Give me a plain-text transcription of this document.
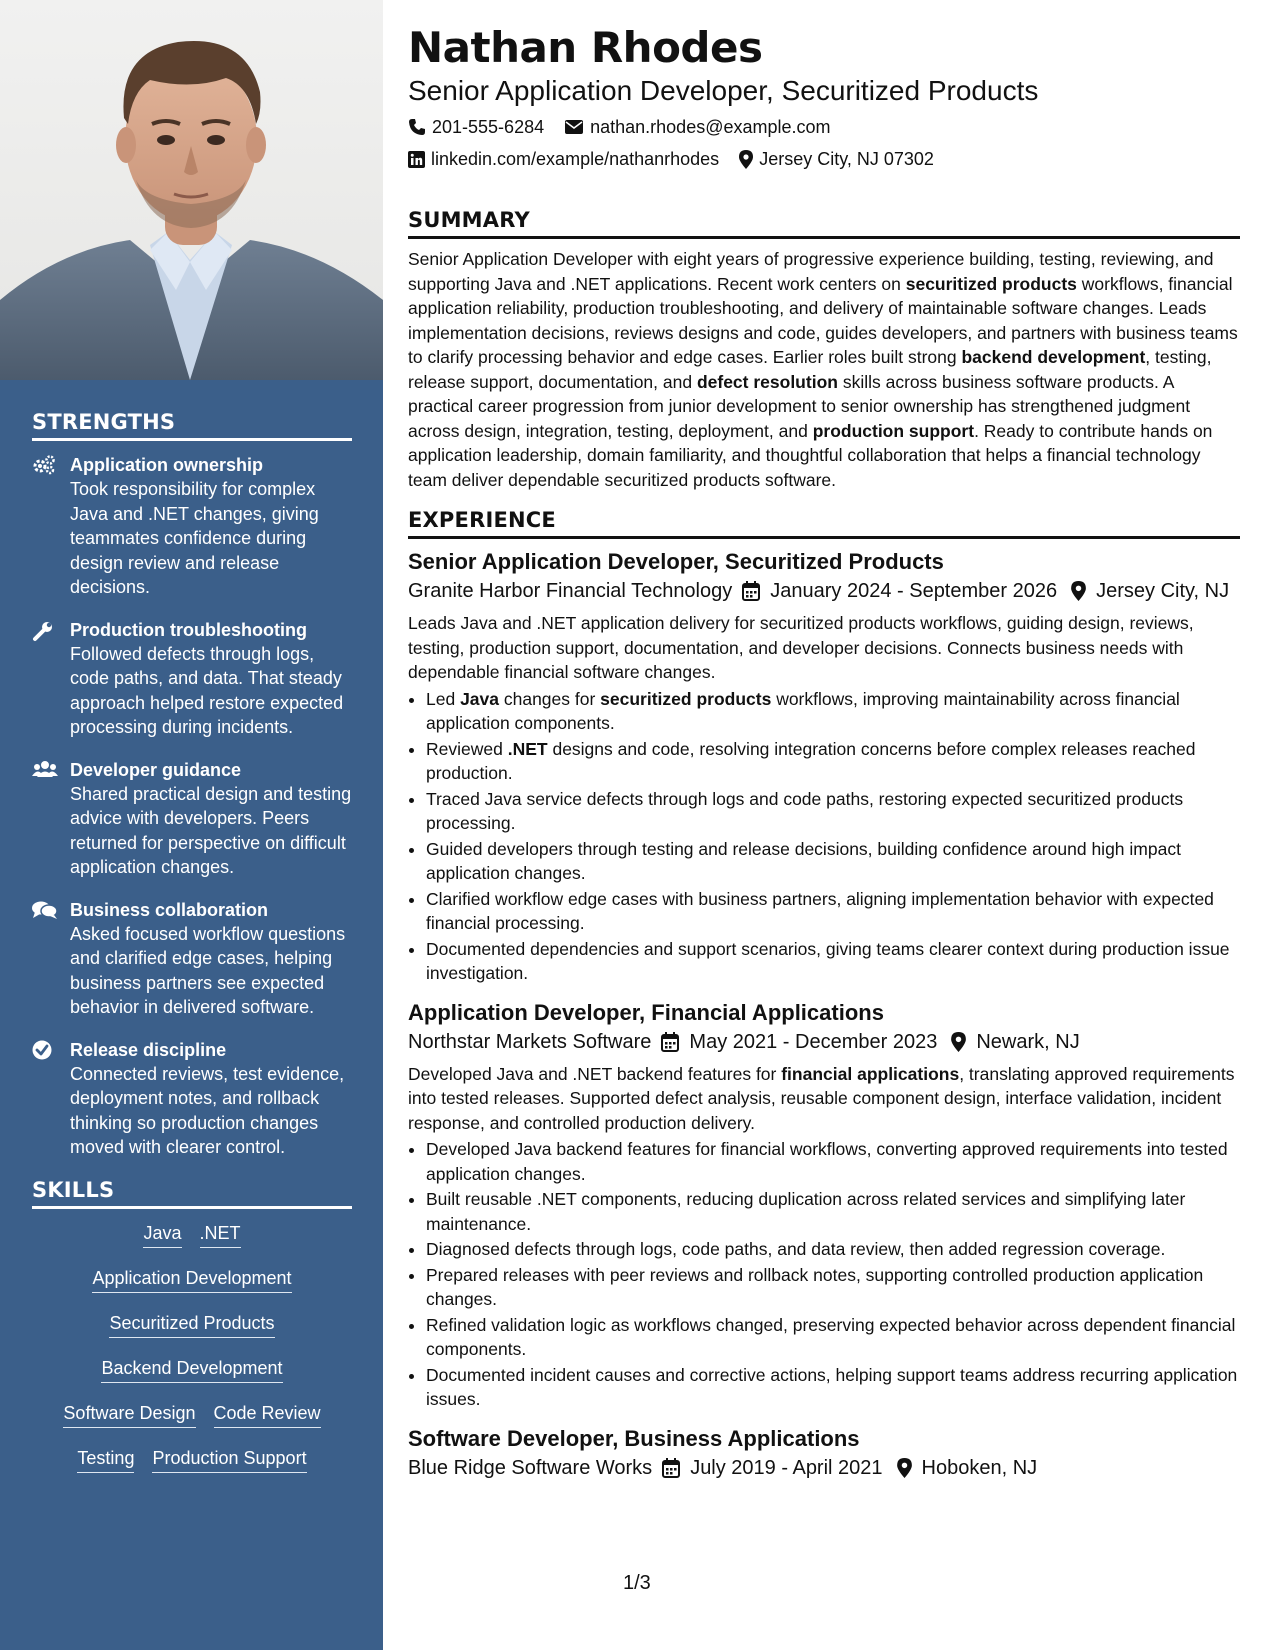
STRENGTHS
Application ownership
Took responsibility for complex Java and .NET changes, giving teammates confidence during design review and release decisions.
Production troubleshooting
Followed defects through logs, code paths, and data. That steady approach helped restore expected processing during incidents.
Developer guidance
Shared practical design and testing advice with developers. Peers returned for perspective on difficult application changes.
Business collaboration
Asked focused workflow questions and clarified edge cases, helping business partners see expected behavior in delivered software.
Release discipline
Connected reviews, test evidence, deployment notes, and rollback thinking so production changes moved with clearer control.
SKILLS
Java .NET
Application Development
Securitized Products
Backend Development
Software Design Code Review
Testing Production Support
Nathan Rhodes
Senior Application Developer, Securitized Products
201-555-6284	nathan.rhodes@example.com
linkedin.com/example/nathanrhodes Jersey City, NJ 07302
SUMMARY
Senior Application Developer with eight years of progressive experience building, testing, reviewing, and supporting Java and .NET applications. Recent work centers on securitized products workflows, financial application reliability, production troubleshooting, and delivery of maintainable software changes. Leads implementation decisions, reviews designs and code, guides developers, and partners with business teams to clarify processing behavior and edge cases. Earlier roles built strong backend development, testing, release support, documentation, and defect resolution skills across business software products. A practical career progression from junior development to senior ownership has strengthened judgment across design, integration, testing, deployment, and production support. Ready to contribute hands on application leadership, domain familiarity, and thoughtful collaboration that helps a financial technology team deliver dependable securitized products software.
EXPERIENCE
Senior Application Developer, Securitized Products
Granite Harbor Financial Technology January 2024 - September 2026 Jersey City, NJ
Leads Java and .NET application delivery for securitized products workflows, guiding design, reviews, testing, production support, documentation, and developer decisions. Connects business needs with dependable financial software changes.
• Led Java changes for securitized products workflows, improving maintainability across financial application components.
• Reviewed .NET designs and code, resolving integration concerns before complex releases reached production.
• Traced Java service defects through logs and code paths, restoring expected securitized products processing.
• Guided developers through testing and release decisions, building confidence around high impact application changes.
• Clarified workflow edge cases with business partners, aligning implementation behavior with expected financial processing.
• Documented dependencies and support scenarios, giving teams clearer context during production issue investigation.
Application Developer, Financial Applications
Northstar Markets Software May 2021 - December 2023 Newark, NJ
Developed Java and .NET backend features for financial applications, translating approved requirements into tested releases. Supported defect analysis, reusable component design, interface validation, incident response, and controlled production delivery.
• Developed Java backend features for financial workflows, converting approved requirements into tested application changes.
• Built reusable .NET components, reducing duplication across related services and simplifying later maintenance.
• Diagnosed defects through logs, code paths, and data review, then added regression coverage.
• Prepared releases with peer reviews and rollback notes, supporting controlled production application changes.
• Refined validation logic as workflows changed, preserving expected behavior across dependent financial components.
• Documented incident causes and corrective actions, helping support teams address recurring application issues.
Software Developer, Business Applications
Blue Ridge Software Works July 2019 - April 2021 Hoboken, NJ
1/3
